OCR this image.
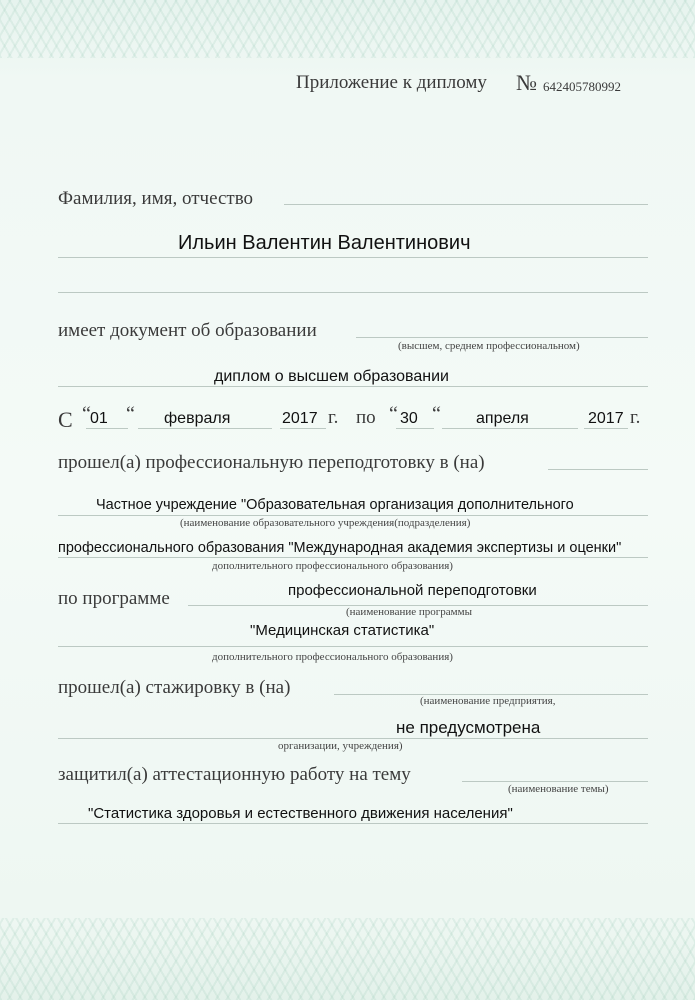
Приложение к диплому № 642405780992
Фамилия, имя, отчество
Ильин Валентин Валентинович
имеет документ об образовании
(высшем, среднем профессиональном)
диплом о высшем образовании
С “ 01 “ февраля	2017 г. по “ 30 “ апреля	2017 г.
прошел(а) профессиональную переподготовку в (на)
Частное учреждение "Образовательная организация дополнительного
(наименование образовательного учреждения(подразделения)
профессионального образования "Международная академия экспертизы и оценки"
дополнительного профессионального образования)
по программе	профессиональной переподготовки
(наименование программы
"Медицинская статистика"
дополнительного профессионального образования)
прошел(а) стажировку в (на)
(наименование предприятия,
не предусмотрена
организации, учреждения)
защитил(а) аттестационную работу на тему
(наименование темы)
"Статистика здоровья и естественного движения населения"
